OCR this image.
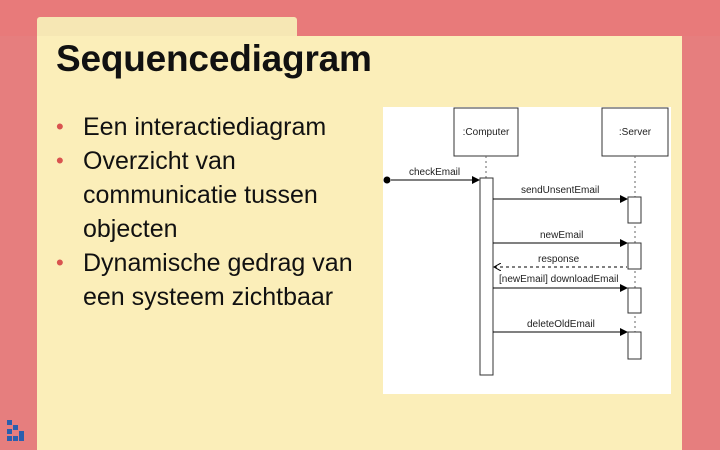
Sequencediagram
• Een interactiediagram
• Overzicht van communicatie tussen objecten
• Dynamische gedrag van een systeem zichtbaar
:Computer	:Server
checkEmail
sendUnsentEmail
newEmail
response
[newEmail] downloadEmail
deleteOldEmail
